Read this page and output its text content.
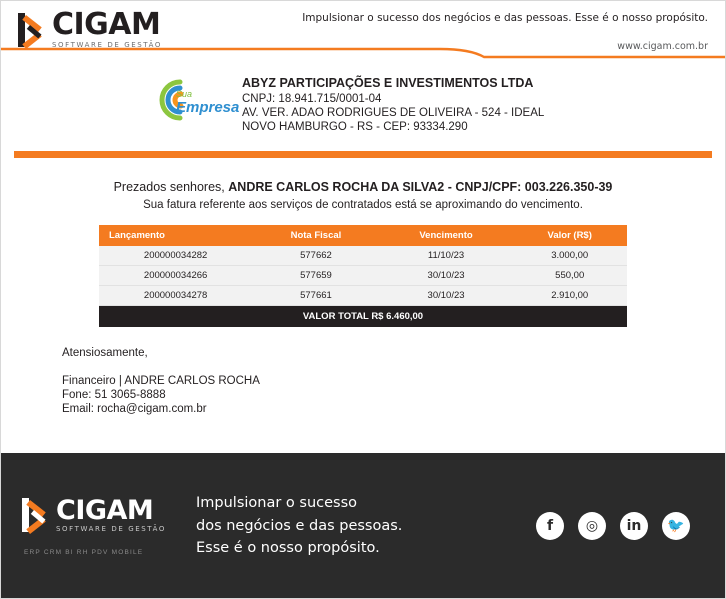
CIGAM
SOFTWARE DE GESTÃO
Impulsionar o sucesso dos negócios e das pessoas. Esse é o nosso propósito.
www.cigam.com.br
Sua
Empresa
ABYZ PARTICIPAÇÕES E INVESTIMENTOS LTDA
CNPJ: 18.941.715/0001-04
AV. VER. ADAO RODRIGUES DE OLIVEIRA - 524 - IDEAL
NOVO HAMBURGO - RS - CEP: 93334.290
Prezados senhores, ANDRE CARLOS ROCHA DA SILVA2 - CNPJ/CPF: 003.226.350-39
Sua fatura referente aos serviços de contratados está se aproximando do vencimento.
Lançamento	Nota Fiscal	Vencimento	Valor (R$)
200000034282	577662	11/10/23	3.000,00
200000034266	577659	30/10/23	550,00
200000034278	577661	30/10/23	2.910,00
VALOR TOTAL R$ 6.460,00			
Atensiosamente,
Financeiro | ANDRE CARLOS ROCHA
Fone: 51 3065-8888
Email: rocha@cigam.com.br
CIGAM
SOFTWARE DE GESTÃO
ERP CRM BI RH PDV MOBILE
Impulsionar o sucesso
dos negócios e das pessoas.
Esse é o nosso propósito.
f	◎	in	🐦
